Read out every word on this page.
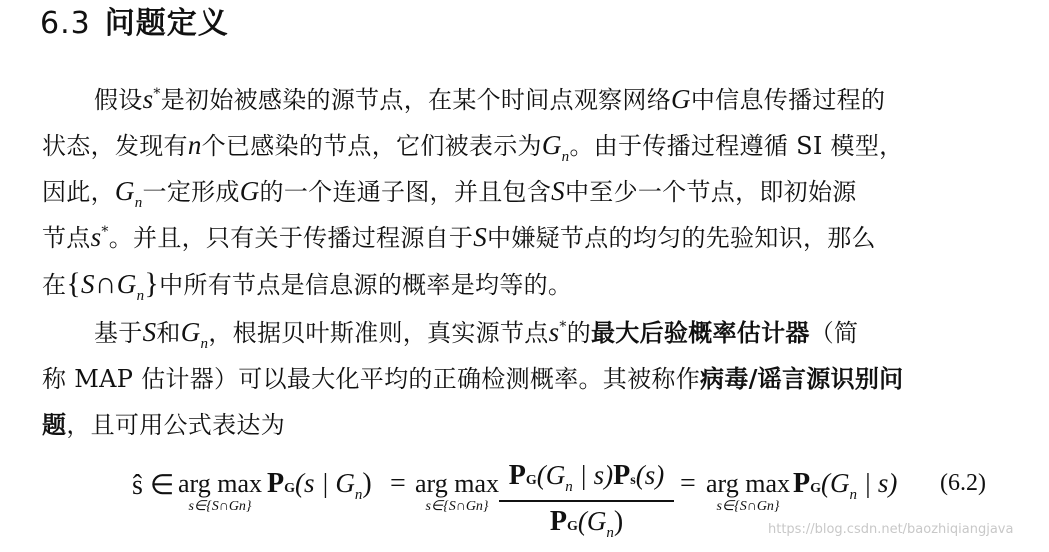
6.3 问题定义
假设s*是初始被感染的源节点，在某个时间点观察网络G中信息传播过程的
状态，发现有n个已感染的节点，它们被表示为$G_n$。由于传播过程遵循 SI 模型，
因此，$G_n$一定形成G的一个连通子图，并且包含S中至少一个节点，即初始源
节点s*。并且，只有关于传播过程源自于S中嫌疑节点的均匀的先验知识，那么
在$\{S\cap G_n\}$中所有节点是信息源的概率是均等的。
基于S和$G_n$，根据贝叶斯准则，真实源节点s*的最大后验概率估计器（简
称 MAP 估计器）可以最大化平均的正确检测概率。其被称作病毒/谣言源识别问
题，且可用公式表达为
ŝ ∈ arg max
s∈{S∩Gn}
PG(s | $G_n$) = arg max
s∈{S∩Gn}
$PG(G_n$ | s)Ps(s)
$PG(G_n)$
= arg max
s∈{S∩Gn}
$PG(G_n$ | s) (6.2)
https://blog.csdn.net/baozhiqiangjava
